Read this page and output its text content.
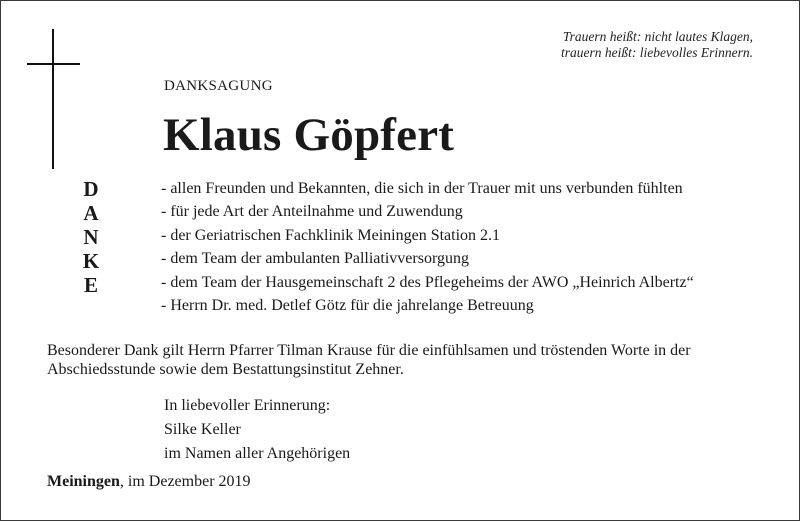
Trauern heißt: nicht lautes Klagen,
trauern heißt: liebevolles Erinnern.
DANKSAGUNG
Klaus Göpfert
D
A
N
K
E
- allen Freunden und Bekannten, die sich in der Trauer mit uns verbunden fühlten
- für jede Art der Anteilnahme und Zuwendung
- der Geriatrischen Fachklinik Meiningen Station 2.1
- dem Team der ambulanten Palliativversorgung
- dem Team der Hausgemeinschaft 2 des Pflegeheims der AWO „Heinrich Albertz“
- Herrn Dr. med. Detlef Götz für die jahrelange Betreuung
Besonderer Dank gilt Herrn Pfarrer Tilman Krause für die einfühlsamen und tröstenden Worte in der Abschiedsstunde sowie dem Bestattungsinstitut Zehner.
In liebevoller Erinnerung:
Silke Keller
im Namen aller Angehörigen
Meiningen, im Dezember 2019
